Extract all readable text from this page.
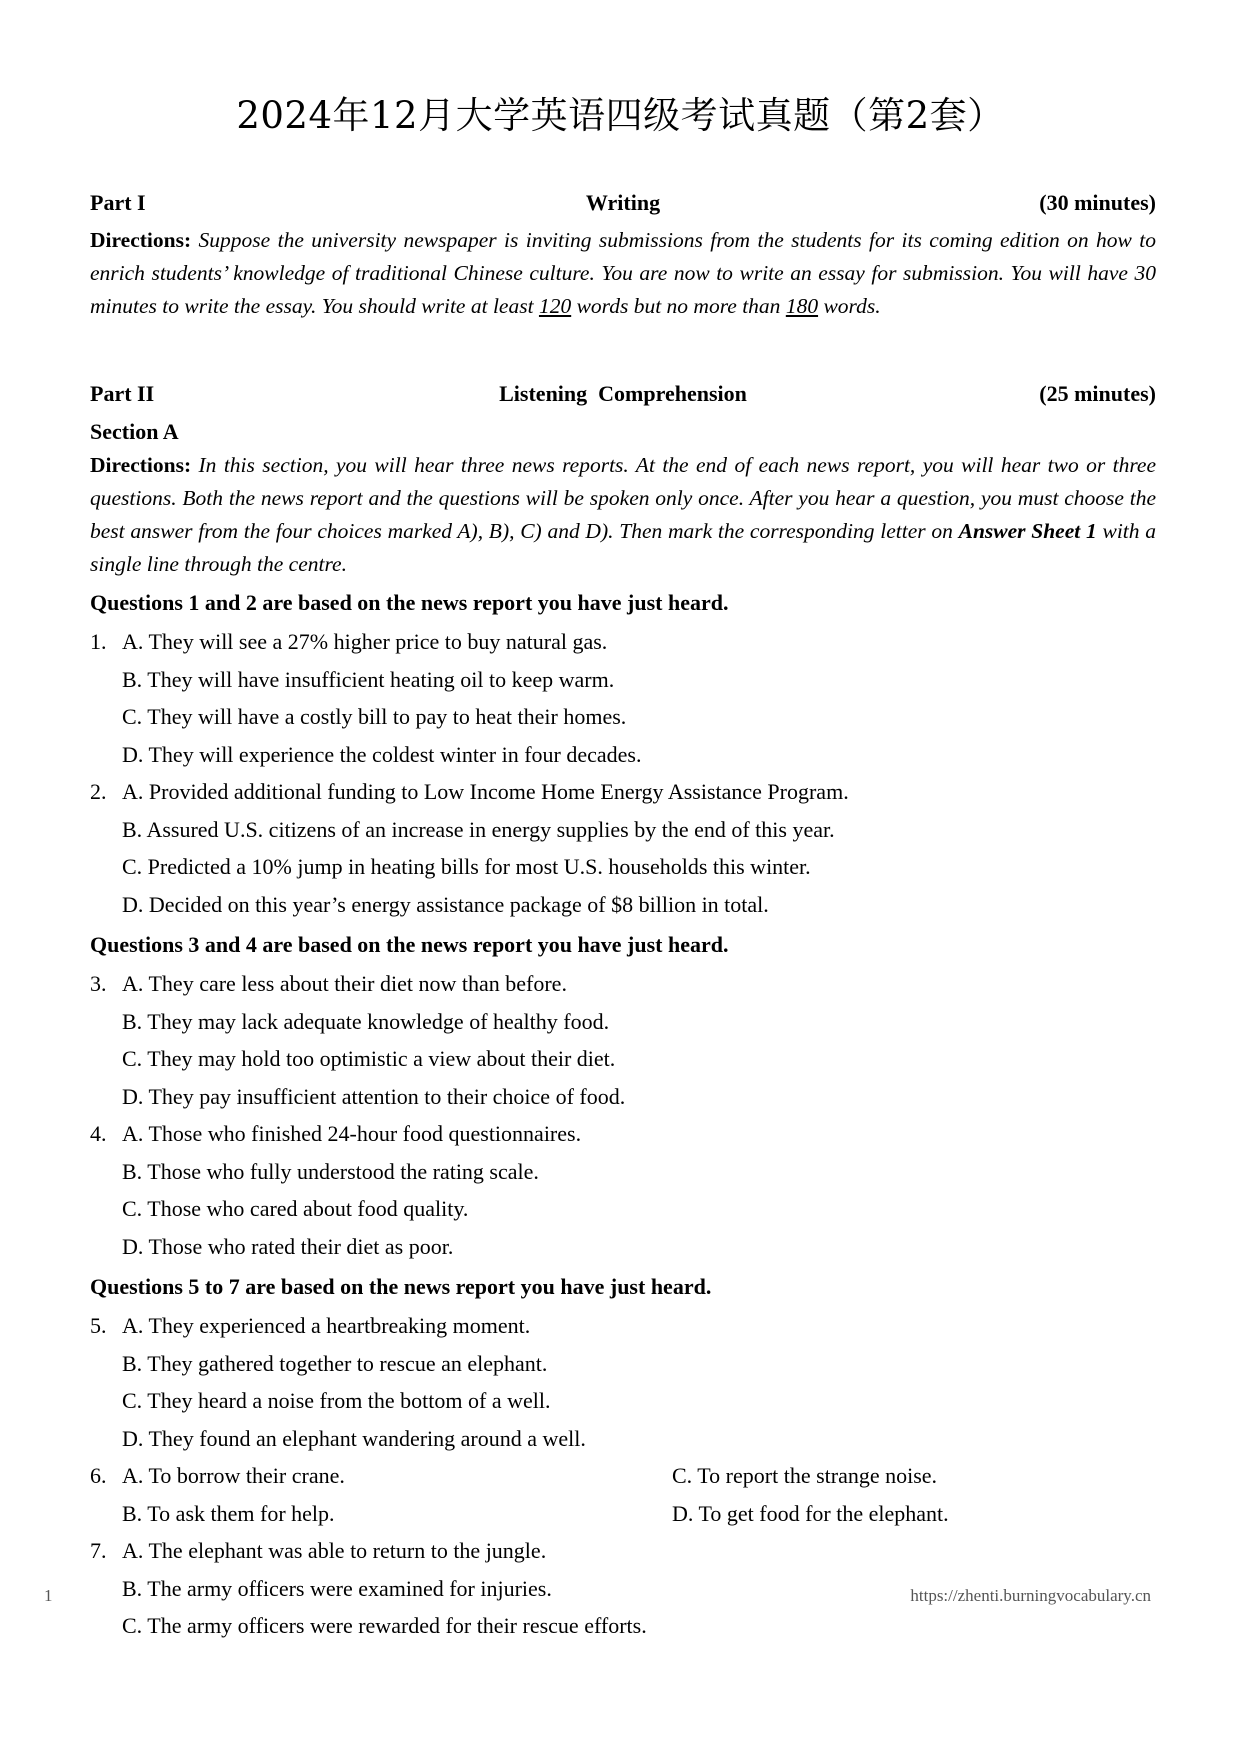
2024年12月大学英语四级考试真题（第2套）
Part I	Writing	(30 minutes)
Directions: Suppose the university newspaper is inviting submissions from the students for its coming edition on how to enrich students’ knowledge of traditional Chinese culture. You are now to write an essay for submission. You will have 30 minutes to write the essay. You should write at least 120 words but no more than 180 words.
Part II	Listening  Comprehension	(25 minutes)
Section A
Directions: In this section, you will hear three news reports. At the end of each news report, you will hear two or three questions. Both the news report and the questions will be spoken only once. After you hear a question, you must choose the best answer from the four choices marked A), B), C) and D). Then mark the corresponding letter on Answer Sheet 1 with a single line through the centre.
Questions 1 and 2 are based on the news report you have just heard.
1. A. They will see a 27% higher price to buy natural gas.
B. They will have insufficient heating oil to keep warm.
C. They will have a costly bill to pay to heat their homes.
D. They will experience the coldest winter in four decades.
2. A. Provided additional funding to Low Income Home Energy Assistance Program.
B. Assured U.S. citizens of an increase in energy supplies by the end of this year.
C. Predicted a 10% jump in heating bills for most U.S. households this winter.
D. Decided on this year’s energy assistance package of $8 billion in total.
Questions 3 and 4 are based on the news report you have just heard.
3. A. They care less about their diet now than before.
B. They may lack adequate knowledge of healthy food.
C. They may hold too optimistic a view about their diet.
D. They pay insufficient attention to their choice of food.
4. A. Those who finished 24-hour food questionnaires.
B. Those who fully understood the rating scale.
C. Those who cared about food quality.
D. Those who rated their diet as poor.
Questions 5 to 7 are based on the news report you have just heard.
5. A. They experienced a heartbreaking moment.
B. They gathered together to rescue an elephant.
C. They heard a noise from the bottom of a well.
D. They found an elephant wandering around a well.
6. A. To borrow their crane.	C. To report the strange noise.
B. To ask them for help.	D. To get food for the elephant.
7. A. The elephant was able to return to the jungle.
B. The army officers were examined for injuries.
C. The army officers were rewarded for their rescue efforts.
1	https://zhenti.burningvocabulary.cn
